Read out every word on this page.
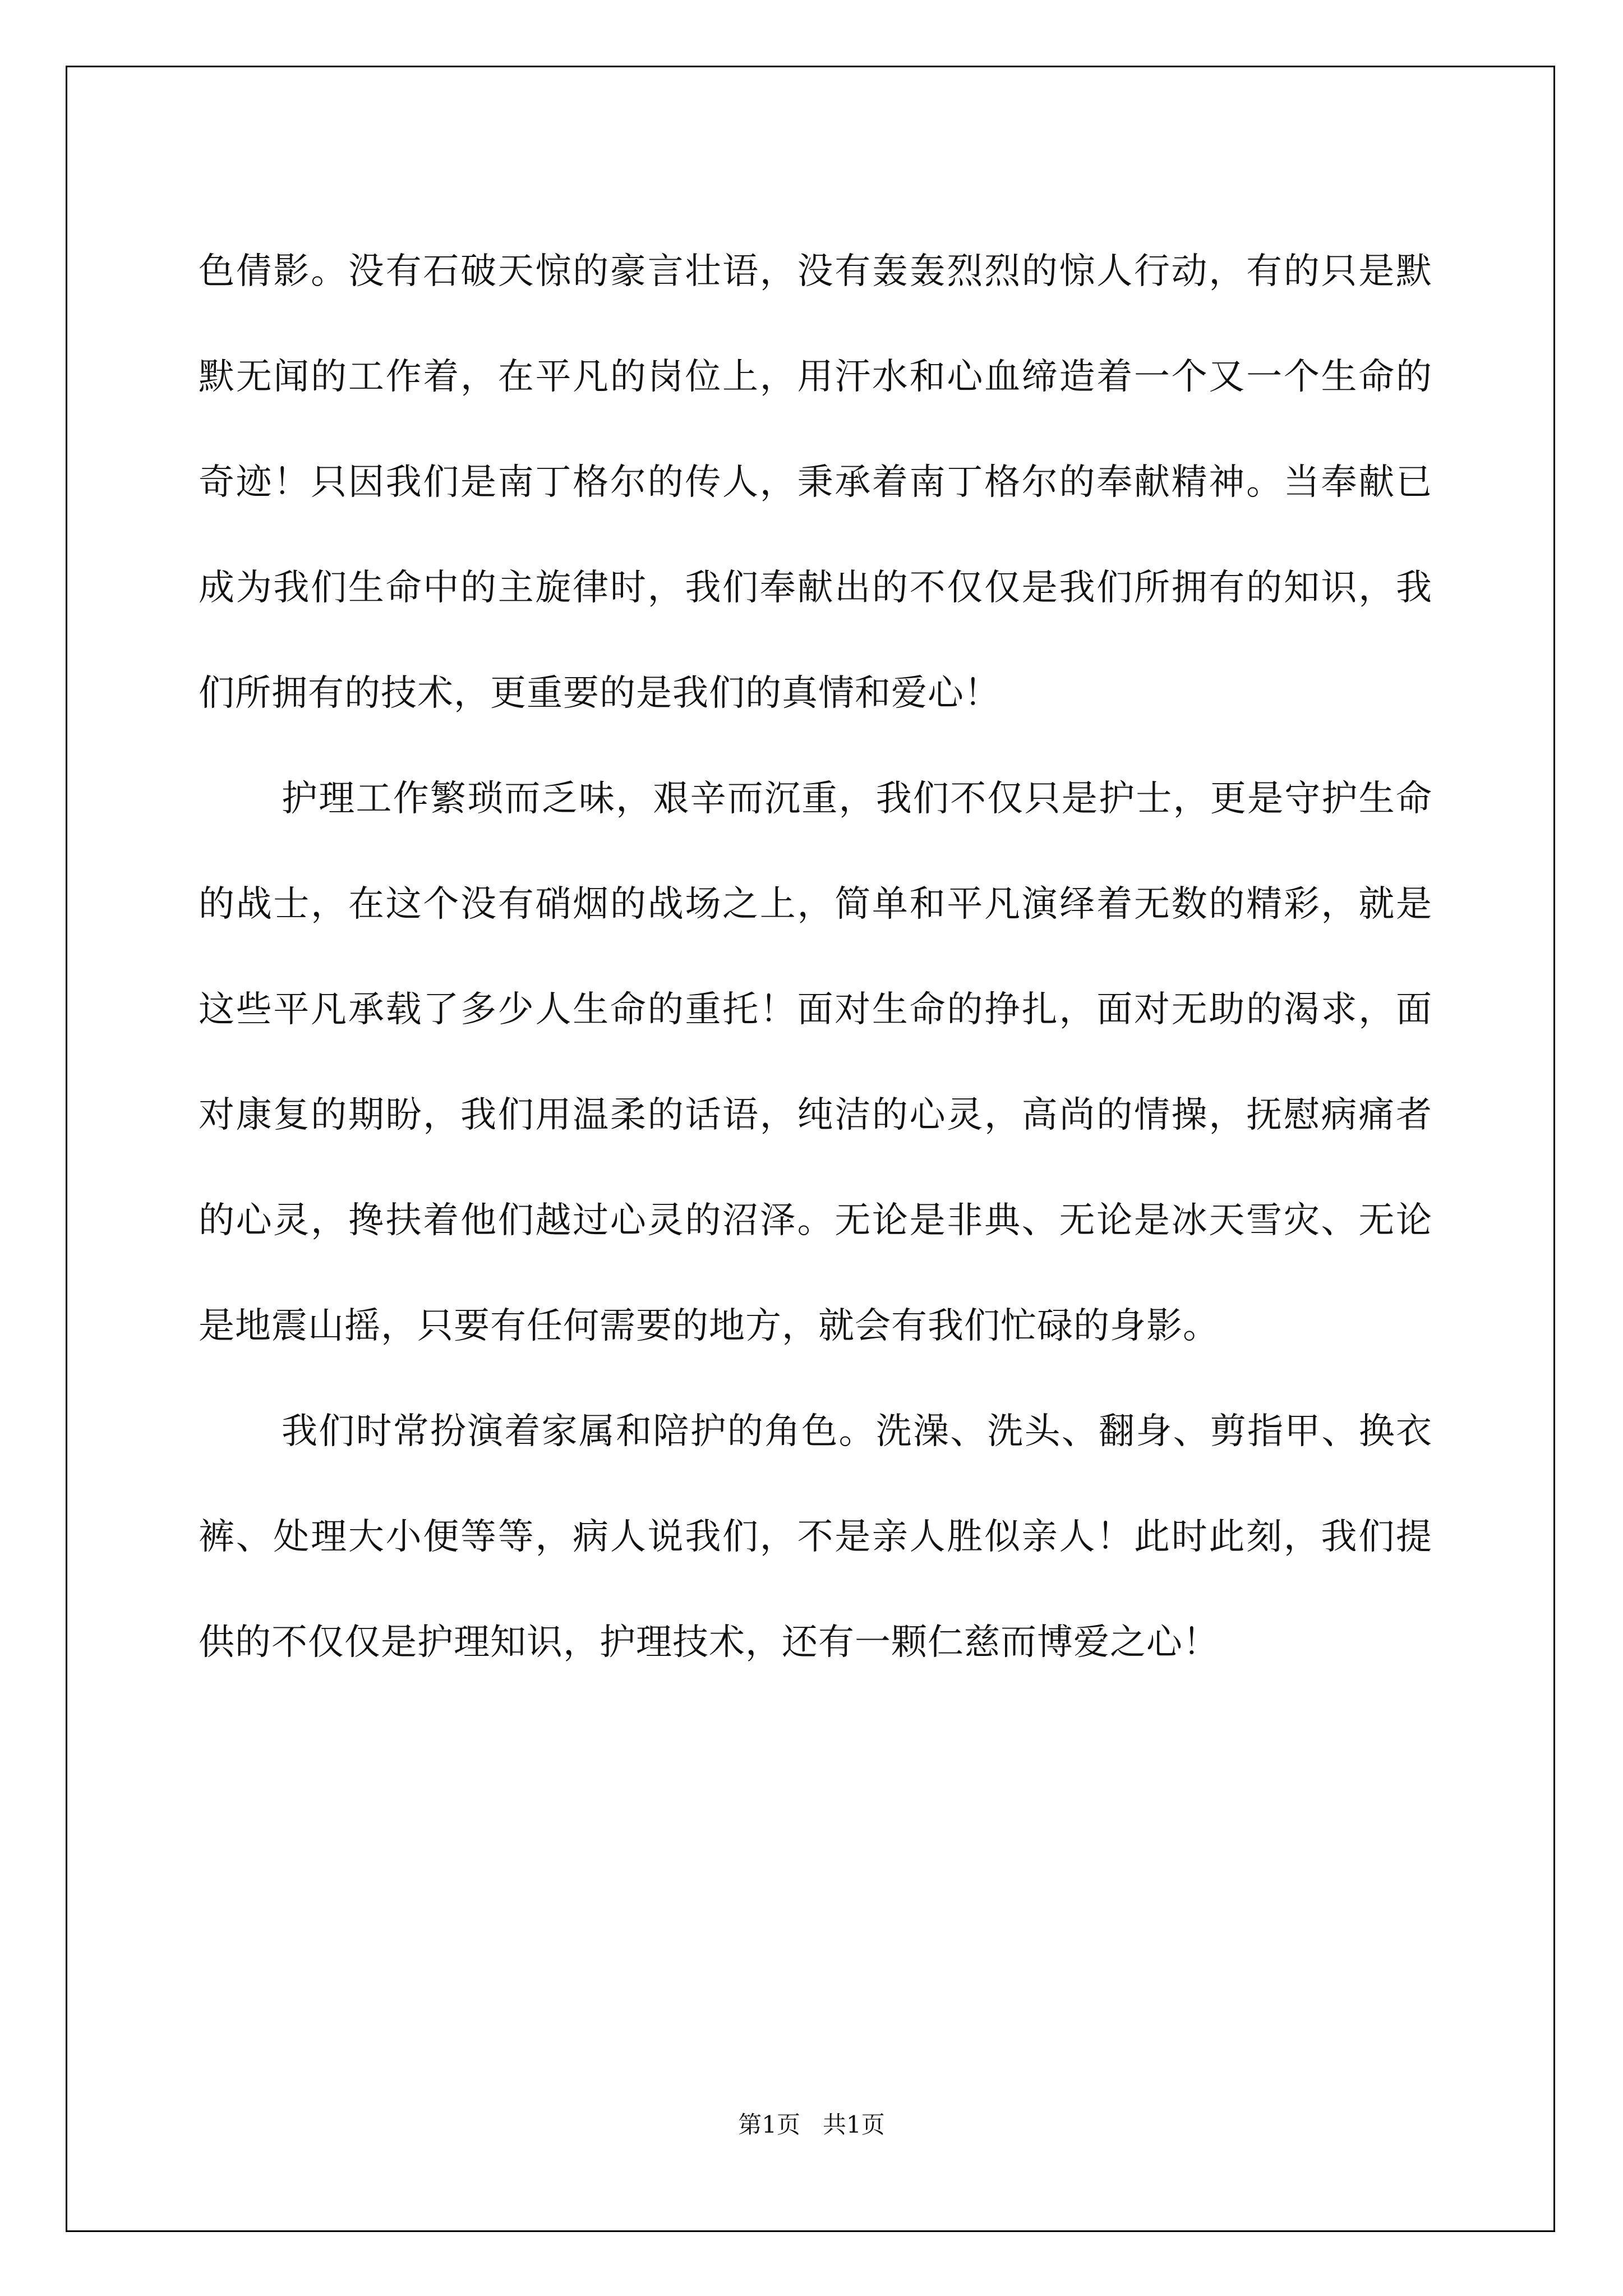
色倩影。没有石破天惊的豪言壮语，没有轰轰烈烈的惊人行动，有的只是默默无闻的工作着，在平凡的岗位上，用汗水和心血缔造着一个又一个生命的奇迹！只因我们是南丁格尔的传人，秉承着南丁格尔的奉献精神。当奉献已成为我们生命中的主旋律时，我们奉献出的不仅仅是我们所拥有的知识，我们所拥有的技术，更重要的是我们的真情和爱心！

护理工作繁琐而乏味，艰辛而沉重，我们不仅只是护士，更是守护生命的战士，在这个没有硝烟的战场之上，简单和平凡演绎着无数的精彩，就是这些平凡承载了多少人生命的重托！面对生命的挣扎，面对无助的渴求，面对康复的期盼，我们用温柔的话语，纯洁的心灵，高尚的情操，抚慰病痛者的心灵，搀扶着他们越过心灵的沼泽。无论是非典、无论是冰天雪灾、无论是地震山摇，只要有任何需要的地方，就会有我们忙碌的身影。

我们时常扮演着家属和陪护的角色。洗澡、洗头、翻身、剪指甲、换衣裤、处理大小便等等，病人说我们，不是亲人胜似亲人！此时此刻，我们提供的不仅仅是护理知识，护理技术，还有一颗仁慈而博爱之心！

第1页   共1页
